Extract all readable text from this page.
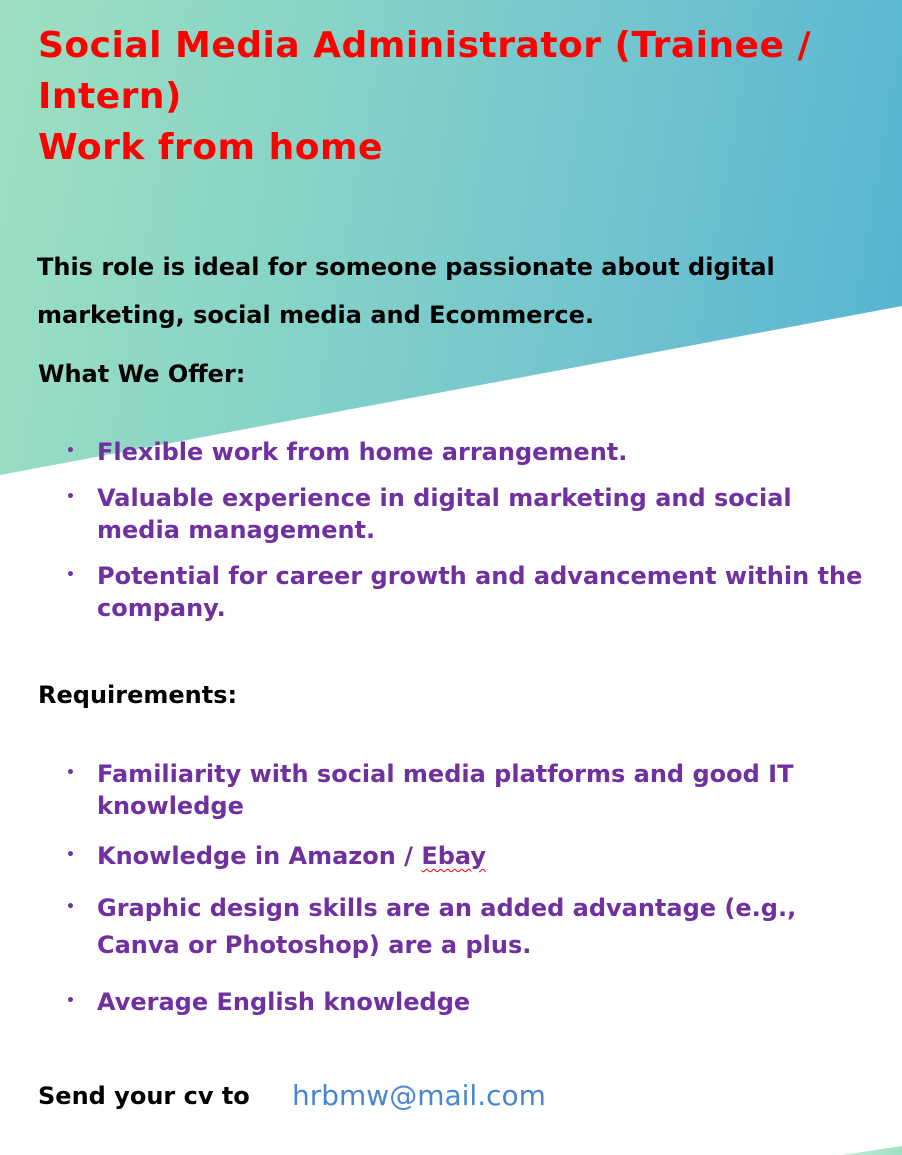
Social Media Administrator (Trainee /
Intern)
Work from home

This role is ideal for someone passionate about digital marketing, social media and Ecommerce.

What We Offer:
• Flexible work from home arrangement.
• Valuable experience in digital marketing and social media management.
• Potential for career growth and advancement within the company.
Requirements:
• Familiarity with social media platforms and good IT knowledge
• Knowledge in Amazon / Ebay
• Graphic design skills are an added advantage (e.g., Canva or Photoshop) are a plus.
• Average English knowledge

Send your cv to hrbmw@mail.com
